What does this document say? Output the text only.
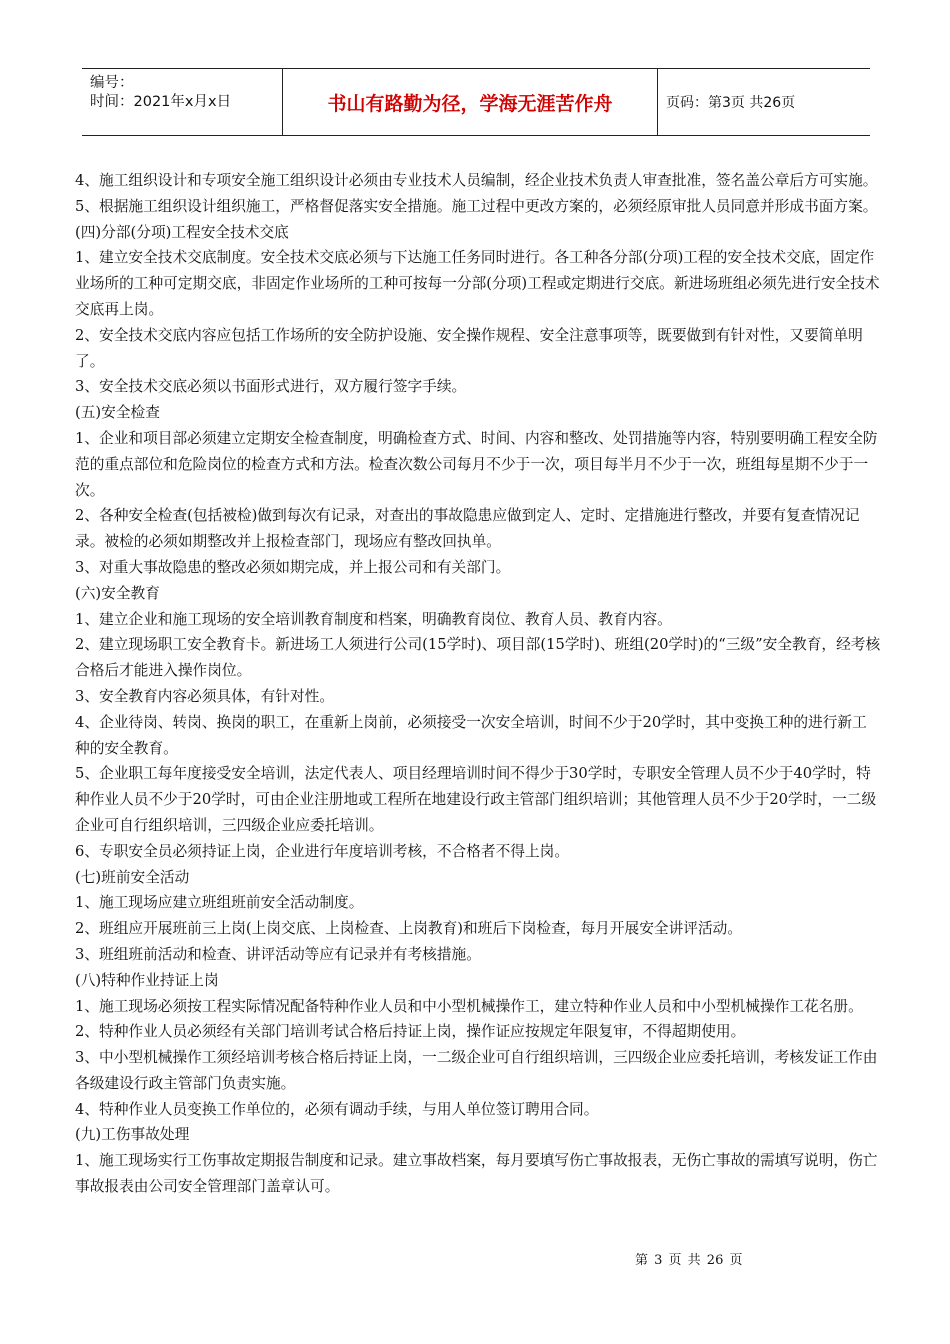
编号：
时间：2021年x月x日	书山有路勤为径，学海无涯苦作舟	页码：第3页 共26页

4、施工组织设计和专项安全施工组织设计必须由专业技术人员编制，经企业技术负责人审查批准，签名盖公章后方可实施。

5、根据施工组织设计组织施工，严格督促落实安全措施。施工过程中更改方案的，必须经原审批人员同意并形成书面方案。

(四)分部(分项)工程安全技术交底

1、建立安全技术交底制度。安全技术交底必须与下达施工任务同时进行。各工种各分部(分项)工程的安全技术交底，固定作业场所的工种可定期交底，非固定作业场所的工种可按每一分部(分项)工程或定期进行交底。新进场班组必须先进行安全技术交底再上岗。

2、安全技术交底内容应包括工作场所的安全防护设施、安全操作规程、安全注意事项等，既要做到有针对性，又要简单明了。

3、安全技术交底必须以书面形式进行，双方履行签字手续。

(五)安全检查

1、企业和项目部必须建立定期安全检查制度，明确检查方式、时间、内容和整改、处罚措施等内容，特别要明确工程安全防范的重点部位和危险岗位的检查方式和方法。检查次数公司每月不少于一次，项目每半月不少于一次，班组每星期不少于一次。

2、各种安全检查(包括被检)做到每次有记录，对查出的事故隐患应做到定人、定时、定措施进行整改，并要有复查情况记录。被检的必须如期整改并上报检查部门，现场应有整改回执单。

3、对重大事故隐患的整改必须如期完成，并上报公司和有关部门。

(六)安全教育

1、建立企业和施工现场的安全培训教育制度和档案，明确教育岗位、教育人员、教育内容。

2、建立现场职工安全教育卡。新进场工人须进行公司(15学时)、项目部(15学时)、班组(20学时)的“三级”安全教育，经考核合格后才能进入操作岗位。

3、安全教育内容必须具体，有针对性。

4、企业待岗、转岗、换岗的职工，在重新上岗前，必须接受一次安全培训，时间不少于20学时，其中变换工种的进行新工种的安全教育。

5、企业职工每年度接受安全培训，法定代表人、项目经理培训时间不得少于30学时，专职安全管理人员不少于40学时，特种作业人员不少于20学时，可由企业注册地或工程所在地建设行政主管部门组织培训；其他管理人员不少于20学时，一二级企业可自行组织培训，三四级企业应委托培训。

6、专职安全员必须持证上岗，企业进行年度培训考核，不合格者不得上岗。

(七)班前安全活动

1、施工现场应建立班组班前安全活动制度。

2、班组应开展班前三上岗(上岗交底、上岗检查、上岗教育)和班后下岗检查，每月开展安全讲评活动。

3、班组班前活动和检查、讲评活动等应有记录并有考核措施。

(八)特种作业持证上岗

1、施工现场必须按工程实际情况配备特种作业人员和中小型机械操作工，建立特种作业人员和中小型机械操作工花名册。

2、特种作业人员必须经有关部门培训考试合格后持证上岗，操作证应按规定年限复审，不得超期使用。

3、中小型机械操作工须经培训考核合格后持证上岗，一二级企业可自行组织培训，三四级企业应委托培训，考核发证工作由各级建设行政主管部门负责实施。

4、特种作业人员变换工作单位的，必须有调动手续，与用人单位签订聘用合同。

(九)工伤事故处理

1、施工现场实行工伤事故定期报告制度和记录。建立事故档案，每月要填写伤亡事故报表，无伤亡事故的需填写说明，伤亡事故报表由公司安全管理部门盖章认可。

第 3 页 共 26 页
